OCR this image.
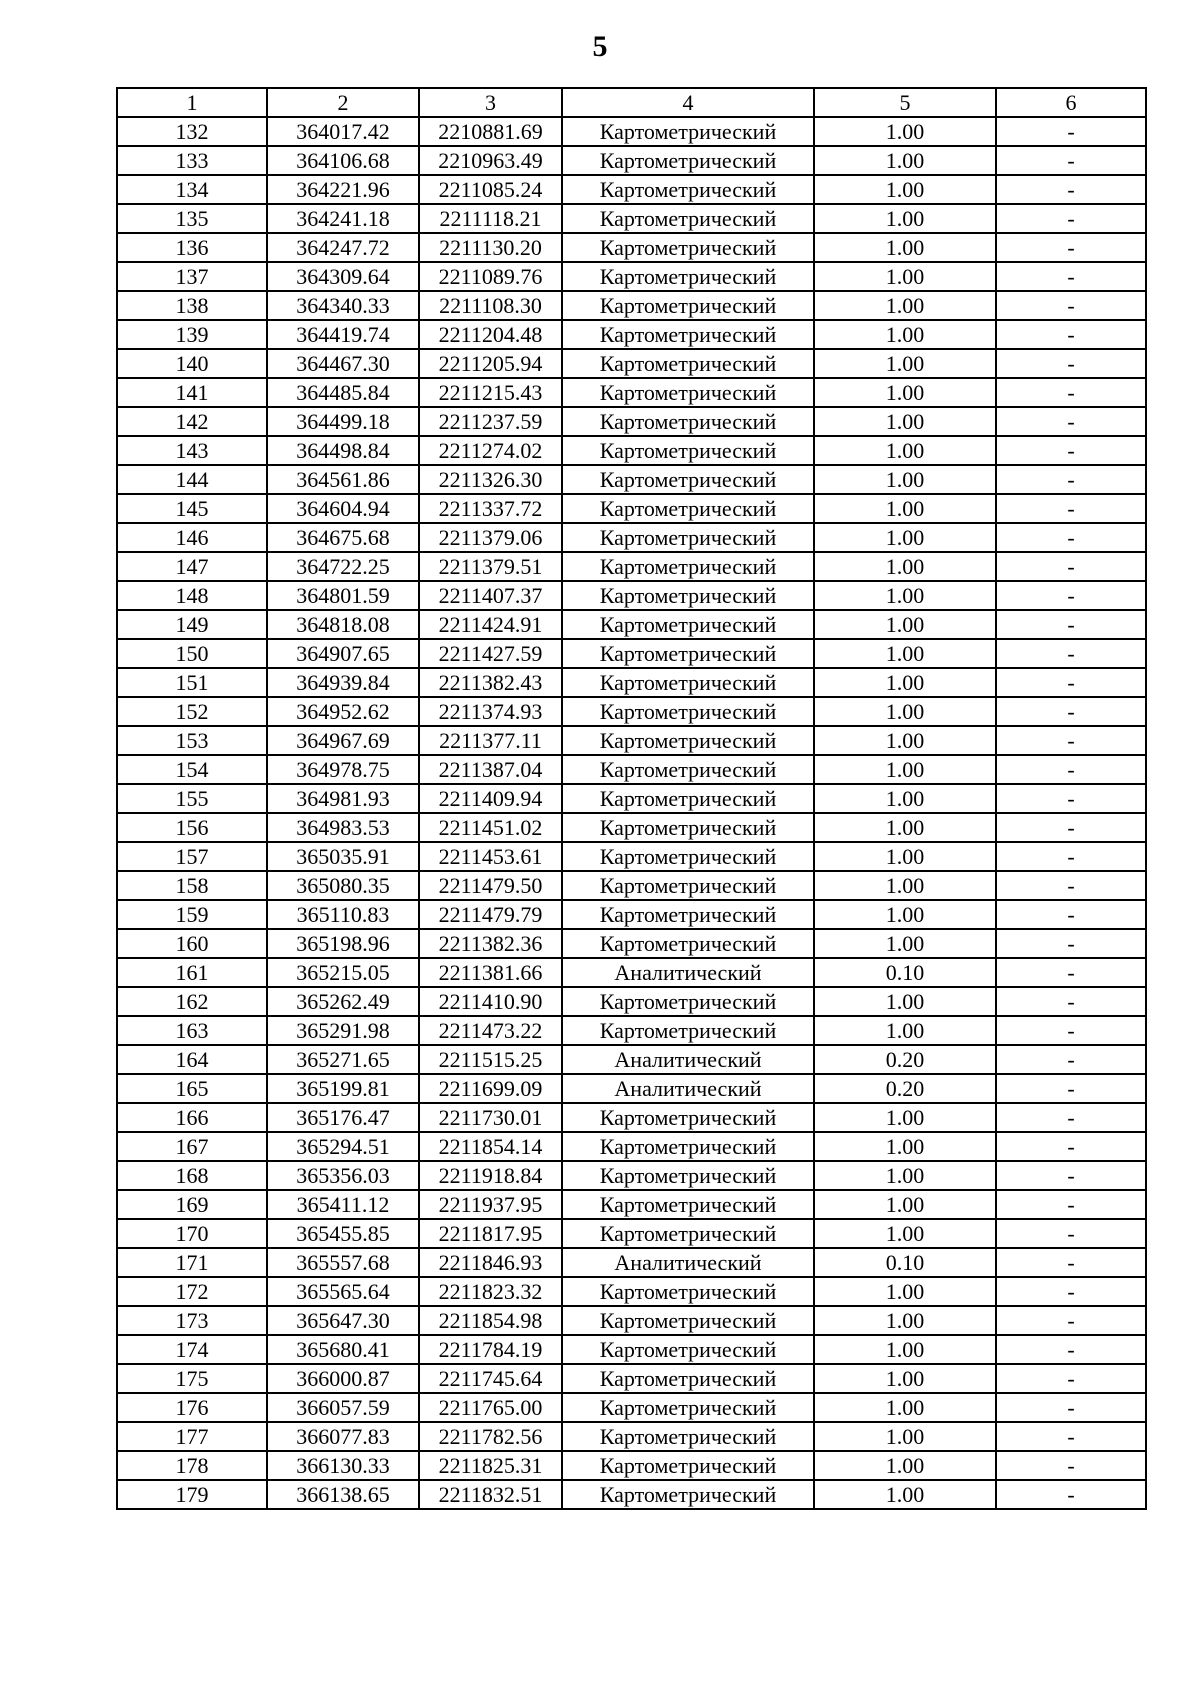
5
1	2	3	4	5	6
132	364017.42	2210881.69	Картометрический	1.00	-
133	364106.68	2210963.49	Картометрический	1.00	-
134	364221.96	2211085.24	Картометрический	1.00	-
135	364241.18	2211118.21	Картометрический	1.00	-
136	364247.72	2211130.20	Картометрический	1.00	-
137	364309.64	2211089.76	Картометрический	1.00	-
138	364340.33	2211108.30	Картометрический	1.00	-
139	364419.74	2211204.48	Картометрический	1.00	-
140	364467.30	2211205.94	Картометрический	1.00	-
141	364485.84	2211215.43	Картометрический	1.00	-
142	364499.18	2211237.59	Картометрический	1.00	-
143	364498.84	2211274.02	Картометрический	1.00	-
144	364561.86	2211326.30	Картометрический	1.00	-
145	364604.94	2211337.72	Картометрический	1.00	-
146	364675.68	2211379.06	Картометрический	1.00	-
147	364722.25	2211379.51	Картометрический	1.00	-
148	364801.59	2211407.37	Картометрический	1.00	-
149	364818.08	2211424.91	Картометрический	1.00	-
150	364907.65	2211427.59	Картометрический	1.00	-
151	364939.84	2211382.43	Картометрический	1.00	-
152	364952.62	2211374.93	Картометрический	1.00	-
153	364967.69	2211377.11	Картометрический	1.00	-
154	364978.75	2211387.04	Картометрический	1.00	-
155	364981.93	2211409.94	Картометрический	1.00	-
156	364983.53	2211451.02	Картометрический	1.00	-
157	365035.91	2211453.61	Картометрический	1.00	-
158	365080.35	2211479.50	Картометрический	1.00	-
159	365110.83	2211479.79	Картометрический	1.00	-
160	365198.96	2211382.36	Картометрический	1.00	-
161	365215.05	2211381.66	Аналитический	0.10	-
162	365262.49	2211410.90	Картометрический	1.00	-
163	365291.98	2211473.22	Картометрический	1.00	-
164	365271.65	2211515.25	Аналитический	0.20	-
165	365199.81	2211699.09	Аналитический	0.20	-
166	365176.47	2211730.01	Картометрический	1.00	-
167	365294.51	2211854.14	Картометрический	1.00	-
168	365356.03	2211918.84	Картометрический	1.00	-
169	365411.12	2211937.95	Картометрический	1.00	-
170	365455.85	2211817.95	Картометрический	1.00	-
171	365557.68	2211846.93	Аналитический	0.10	-
172	365565.64	2211823.32	Картометрический	1.00	-
173	365647.30	2211854.98	Картометрический	1.00	-
174	365680.41	2211784.19	Картометрический	1.00	-
175	366000.87	2211745.64	Картометрический	1.00	-
176	366057.59	2211765.00	Картометрический	1.00	-
177	366077.83	2211782.56	Картометрический	1.00	-
178	366130.33	2211825.31	Картометрический	1.00	-
179	366138.65	2211832.51	Картометрический	1.00	-
